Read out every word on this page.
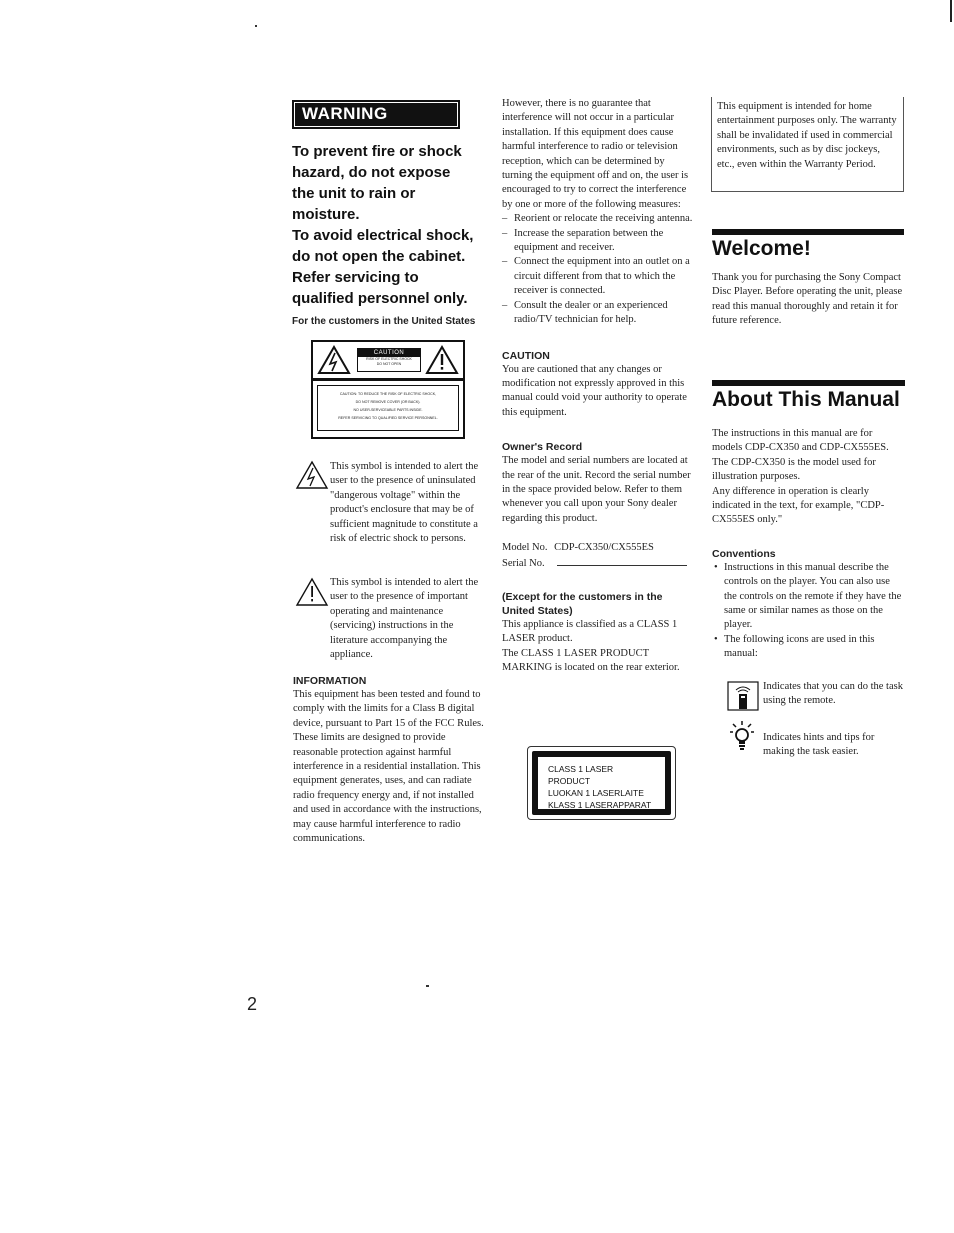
WARNING
To prevent fire or shock
hazard, do not expose
the unit to rain or
moisture.
To avoid electrical shock,
do not open the cabinet.
Refer servicing to
qualified personnel only.
For the customers in the United States
CAUTION
RISK OF ELECTRIC SHOCK
DO NOT OPEN
CAUTION: TO REDUCE THE RISK OF ELECTRIC SHOCK,
DO NOT REMOVE COVER (OR BACK).
NO USER-SERVICEABLE PARTS INSIDE.
REFER SERVICING TO QUALIFIED SERVICE PERSONNEL.
This symbol is intended to alert the user to the presence of uninsulated "dangerous voltage" within the product's enclosure that may be of sufficient magnitude to constitute a risk of electric shock to persons.
This symbol is intended to alert the user to the presence of important operating and maintenance (servicing) instructions in the literature accompanying the appliance.
INFORMATION

This equipment has been tested and found to comply with the limits for a Class B digital device, pursuant to Part 15 of the FCC Rules. These limits are designed to provide reasonable protection against harmful interference in a residential installation. This equipment generates, uses, and can radiate radio frequency energy and, if not installed and used in accordance with the instructions, may cause harmful interference to radio communications.

However, there is no guarantee that interference will not occur in a particular installation. If this equipment does cause harmful interference to radio or television reception, which can be determined by turning the equipment off and on, the user is encouraged to try to correct the interference by one or more of the following measures:

– Reorient or relocate the receiving antenna.
– Increase the separation between the equipment and receiver.
– Connect the equipment into an outlet on a circuit different from that to which the receiver is connected.
– Consult the dealer or an experienced radio/TV technician for help.
CAUTION

You are cautioned that any changes or modification not expressly approved in this manual could void your authority to operate this equipment.

Owner's Record

The model and serial numbers are located at the rear of the unit. Record the serial number in the space provided below. Refer to them whenever you call upon your Sony dealer regarding this product.

Model No. CDP-CX350/CX555ES
Serial No.
(Except for the customers in the United States)

This appliance is classified as a CLASS 1 LASER product.

The CLASS 1 LASER PRODUCT MARKING is located on the rear exterior.

CLASS 1 LASER PRODUCT
LUOKAN 1 LASERLAITE
KLASS 1 LASERAPPARAT

This equipment is intended for home entertainment purposes only. The warranty shall be invalidated if used in commercial environments, such as by disc jockeys, etc., even within the Warranty Period.

Welcome!

Thank you for purchasing the Sony Compact Disc Player. Before operating the unit, please read this manual thoroughly and retain it for future reference.

About This Manual

The instructions in this manual are for models CDP-CX350 and CDP-CX555ES. The CDP-CX350 is the model used for illustration purposes.

Any difference in operation is clearly indicated in the text, for example, "CDP-CX555ES only."

Conventions
• Instructions in this manual describe the controls on the player. You can also use the controls on the remote if they have the same or similar names as those on the player.
• The following icons are used in this manual:
Indicates that you can do the task using the remote.
Indicates hints and tips for making the task easier.
2
